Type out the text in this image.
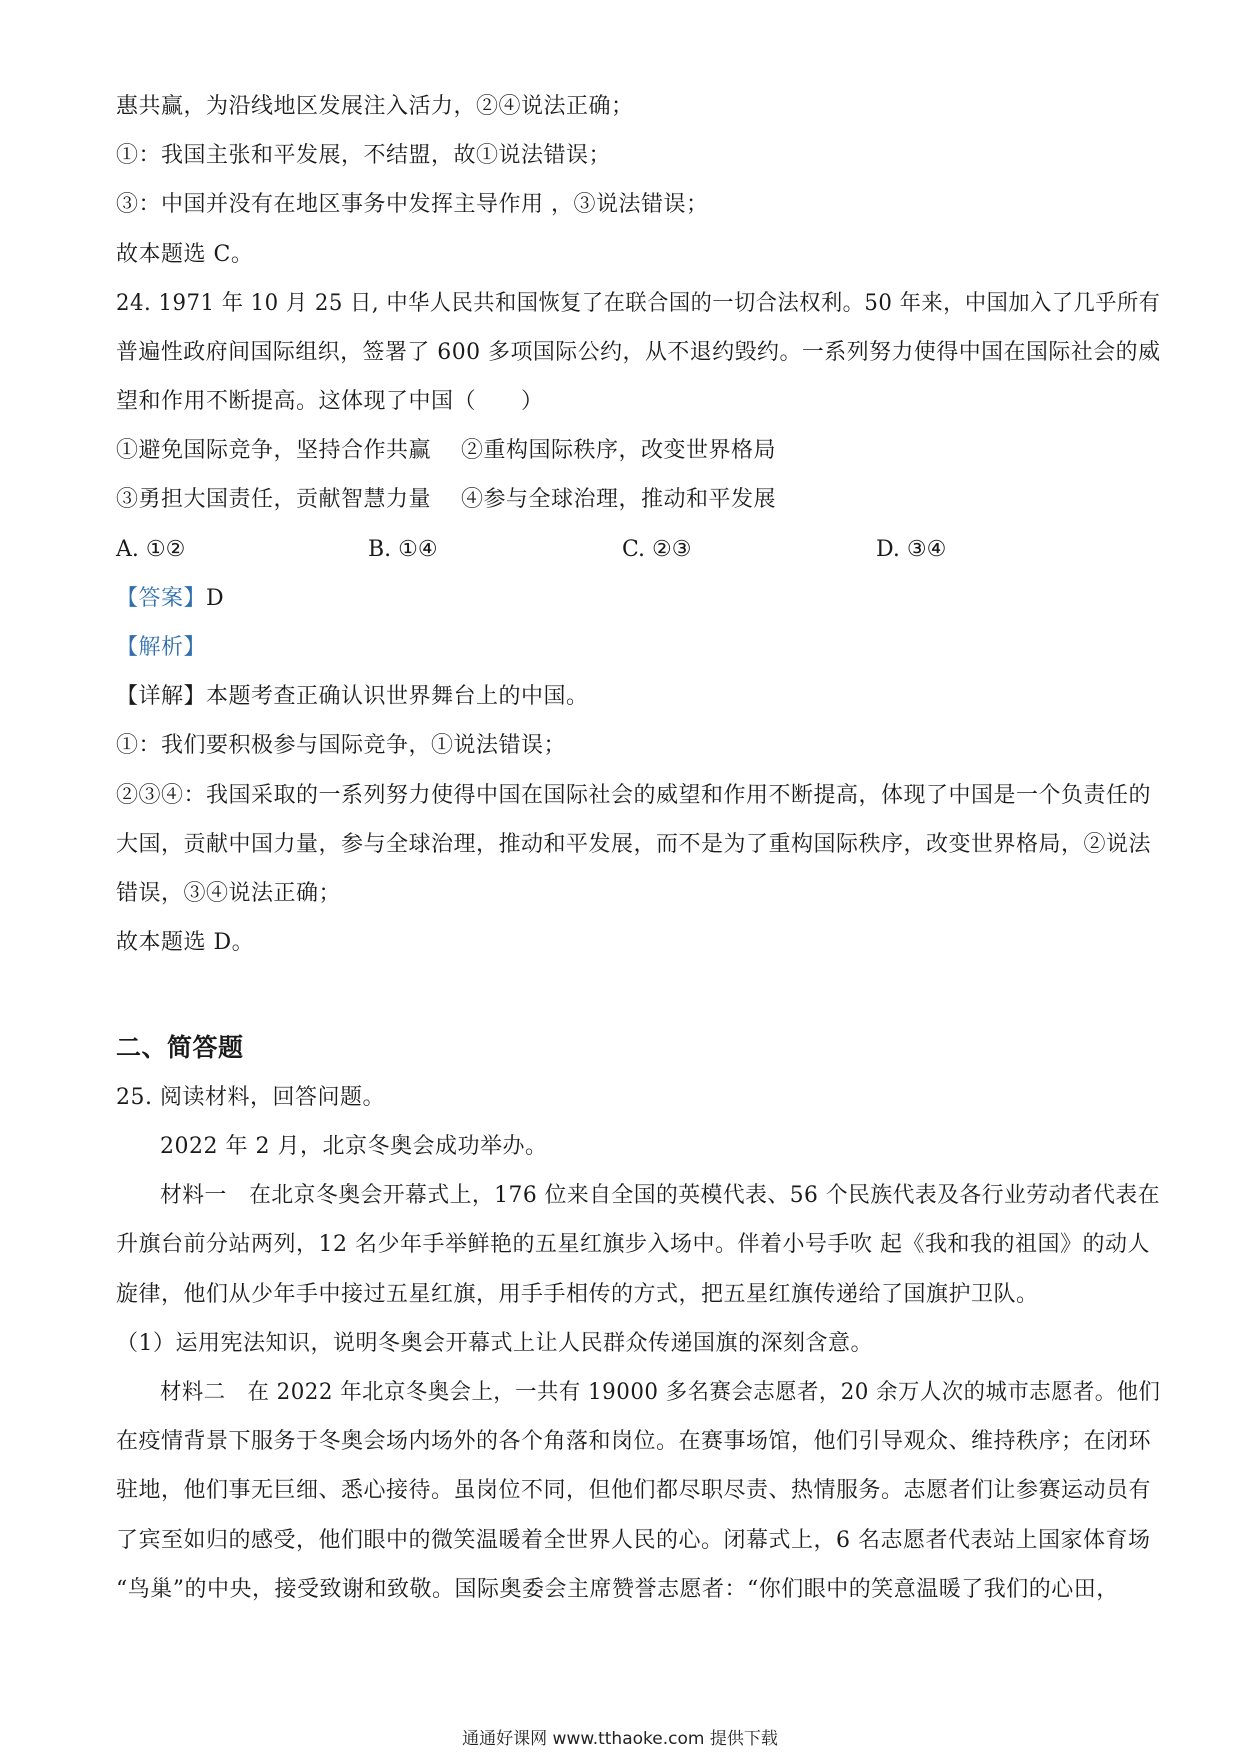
惠共赢，为沿线地区发展注入活力，②④说法正确；
①：我国主张和平发展，不结盟，故①说法错误；
③：中国并没有在地区事务中发挥主导作用 ，③说法错误；
故本题选 C。
24. 1971 年 10 月 25 日, 中华人民共和国恢复了在联合国的一切合法权利。50 年来，中国加入了几乎所有
普遍性政府间国际组织，签署了 600 多项国际公约，从不退约毁约。一系列努力使得中国在国际社会的威
望和作用不断提高。这体现了中国（　　）
①避免国际竞争，坚持合作共赢　 ②重构国际秩序，改变世界格局
③勇担大国责任，贡献智慧力量　 ④参与全球治理，推动和平发展
A. ①②	B. ①④	C. ②③	D. ③④
【答案】D
【解析】
【详解】本题考查正确认识世界舞台上的中国。
①：我们要积极参与国际竞争，①说法错误；
②③④：我国采取的一系列努力使得中国在国际社会的威望和作用不断提高，体现了中国是一个负责任的
大国，贡献中国力量，参与全球治理，推动和平发展，而不是为了重构国际秩序，改变世界格局，②说法
错误，③④说法正确；
故本题选 D。
二、简答题
25. 阅读材料，回答问题。
2022 年 2 月，北京冬奥会成功举办。
材料一　在北京冬奥会开幕式上，176 位来自全国的英模代表、56 个民族代表及各行业劳动者代表在
升旗台前分站两列，12 名少年手举鲜艳的五星红旗步入场中。伴着小号手吹 起《我和我的祖国》的动人
旋律，他们从少年手中接过五星红旗，用手手相传的方式，把五星红旗传递给了国旗护卫队。
（1）运用宪法知识，说明冬奥会开幕式上让人民群众传递国旗的深刻含意。
材料二　在 2022 年北京冬奥会上，一共有 19000 多名赛会志愿者，20 余万人次的城市志愿者。他们
在疫情背景下服务于冬奥会场内场外的各个角落和岗位。在赛事场馆，他们引导观众、维持秩序；在闭环
驻地，他们事无巨细、悉心接待。虽岗位不同，但他们都尽职尽责、热情服务。志愿者们让参赛运动员有
了宾至如归的感受，他们眼中的微笑温暖着全世界人民的心。闭幕式上，6 名志愿者代表站上国家体育场
“鸟巢”的中央，接受致谢和致敬。国际奥委会主席赞誉志愿者：“你们眼中的笑意温暖了我们的心田，
通通好课网 www.tthaoke.com 提供下载
